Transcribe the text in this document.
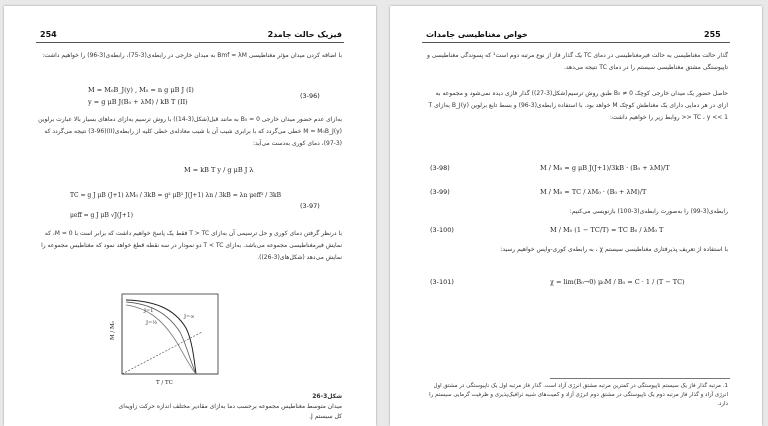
254	فیزیک حالت جامد2
با اضافه کردن میدان مؤثر مغناطیسی Bmf = λM به میدان خارجی در رابطه‌ی(3-75)، رابطه‌ی(3-96) را خواهیم داشت:
M = M₀B_J(y) , M₀ = n g μB J (I)
y = g μB J(B₀ + λM) / kB T (II)
(3-96)
به‌ازای عدم حضور میدان خارجی B₀ = 0 به مانند قبل(شکل(3-14)) با روش ترسیم به‌ازای دماهای بسیار بالا عبارت برلوین M = M₀B_J(y) خطی می‌گردد که با برابری شیب آن با شیب معادله‌ی خطی کلیه از رابطه‌ی(II)(3-96) نتیجه می‌گردد که (3-97)، دمای کوری به‌دست می‌آید:
M = kB T y / g μB J λ
TC = g J μB (J+1) λM₀ / 3kB = g² μB² J(J+1) λn / 3kB = λn μeff² / 3kB
μeff = g J μB √J(J+1)
(3-97)
با درنظر گرفتن دمای کوری و حل ترسیمی آن به‌ازای T > TC فقط یک پاسخ خواهیم داشت که برابر است با M = 0، که نمایش فیرمغناطیسی مجموعه می‌باشد. به‌ازای T < TC دو نمودار در سه نقطه قطع خواهد نمود که مغناطیس مجموعه را نمایش می‌دهد (شکل‌های(3-26)).
M / M₀
T / TC
J=½
J=1
J=∞
شکل3-26
میدان متوسط مغناطیس مجموعه برحسب دما به‌ازای مقادیر مختلف اندازه حرکت زاویه‌ای کل سیستم J.
خواص مغناطیسی جامدات	255
گذار حالت مغناطیسی به حالت فیرمغناطیسی در دمای TC یک گذار فاز از نوع مرتبه دوم است¹ که پسوندگی مغناطیسی و تاپیوستگی مشتق مغناطیسی سیستم را در دمای TC نتیجه می‌دهد.
حاصل حضور یک میدان خارجی کوچک B₀ ≠ 0 طبق روش ترسیم(شکل(3-27)) گذار فازی دیده نمی‌شود و مجموعه به ازای در هر دمایی دارای یک مغناطش کوچک M خواهد بود. با استفاده رابطه‌ی(3-96) و بسط تابع برلوین B_J(y) به‌ازای T >> TC ، y << 1 روابط زیر را خواهیم داشت:
M / M₀ ≈ g μB J(J+1)/3kB · (B₀ + λM)/T
(3-98)
M / M₀ ≈ TC / λM₀ · (B₀ + λM)/T
(3-99)
رابطه‌ی(3-99) را به‌صورت رابطه‌ی(3-100) بازنویسی می‌کنیم:
M / M₀ (1 − TC/T) = TC B₀ / λM₀ T
(3-100)
با استفاده از تعریف پذیرفتاری مغناطیسی سیستم χ ، به رابطه‌ی کوری-وایس خواهیم رسید:
χ = lim(B₀→0) μ₀M / B₀ = C · 1 / (T − TC)
(3-101)
1. مرتبه گذار فاز یک سیستم ناپیوستگی در کمترین مرتبه مشتق انرژی آزاد است. گذار فاز مرتبه اول یک ناپیوستگی در مشتق اول انرژی آزاد و گذار فاز مرتبه دوم یک ناپیوستگی در مشتق دوم انرژی آزاد و کمیت‌های شبیه ترافیک‌پذیری و ظرفیت گرمایی سیستم را دارد.
